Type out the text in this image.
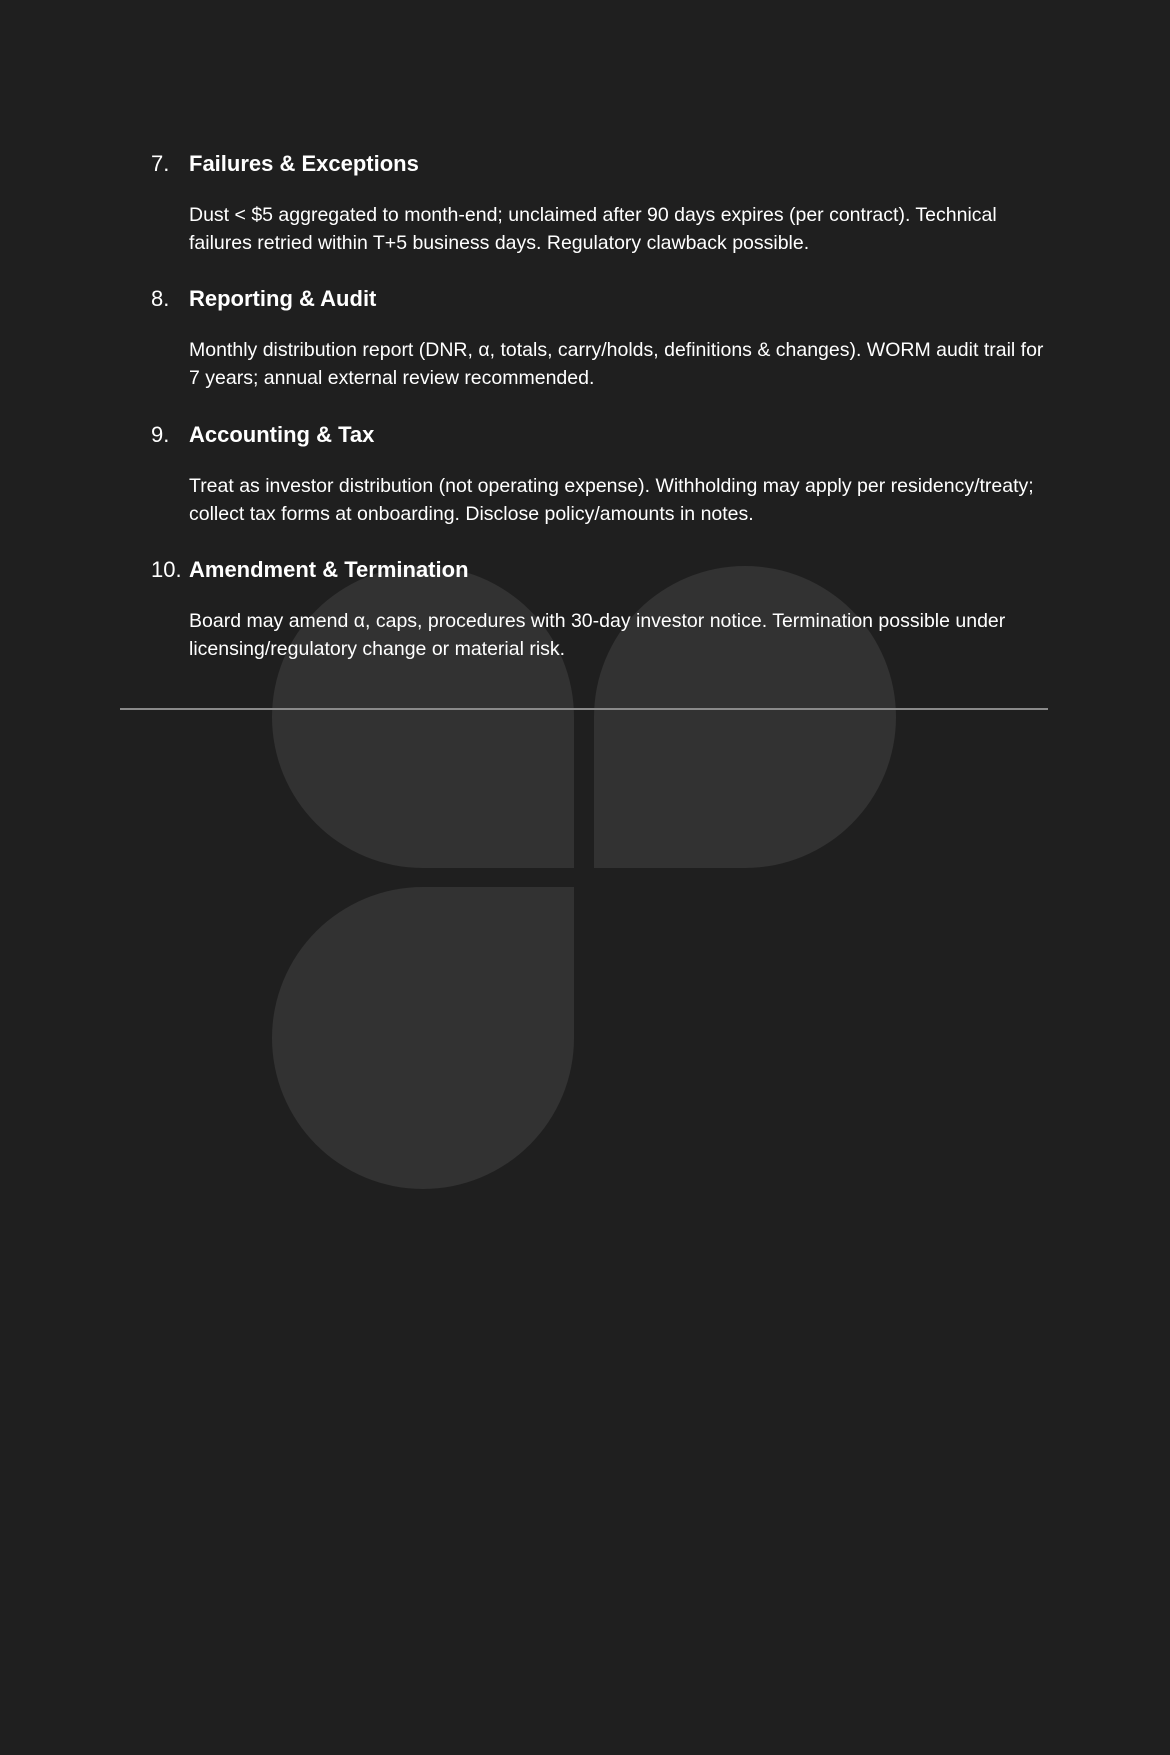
7. Failures & Exceptions
Dust < $5 aggregated to month-end; unclaimed after 90 days expires (per contract). Technical failures retried within T+5 business days. Regulatory clawback possible.
8. Reporting & Audit
Monthly distribution report (DNR, α, totals, carry/holds, definitions & changes). WORM audit trail for 7 years; annual external review recommended.
9. Accounting & Tax
Treat as investor distribution (not operating expense). Withholding may apply per residency/treaty; collect tax forms at onboarding. Disclose policy/amounts in notes.
10. Amendment & Termination
Board may amend α, caps, procedures with 30-day investor notice. Termination possible under licensing/regulatory change or material risk.
